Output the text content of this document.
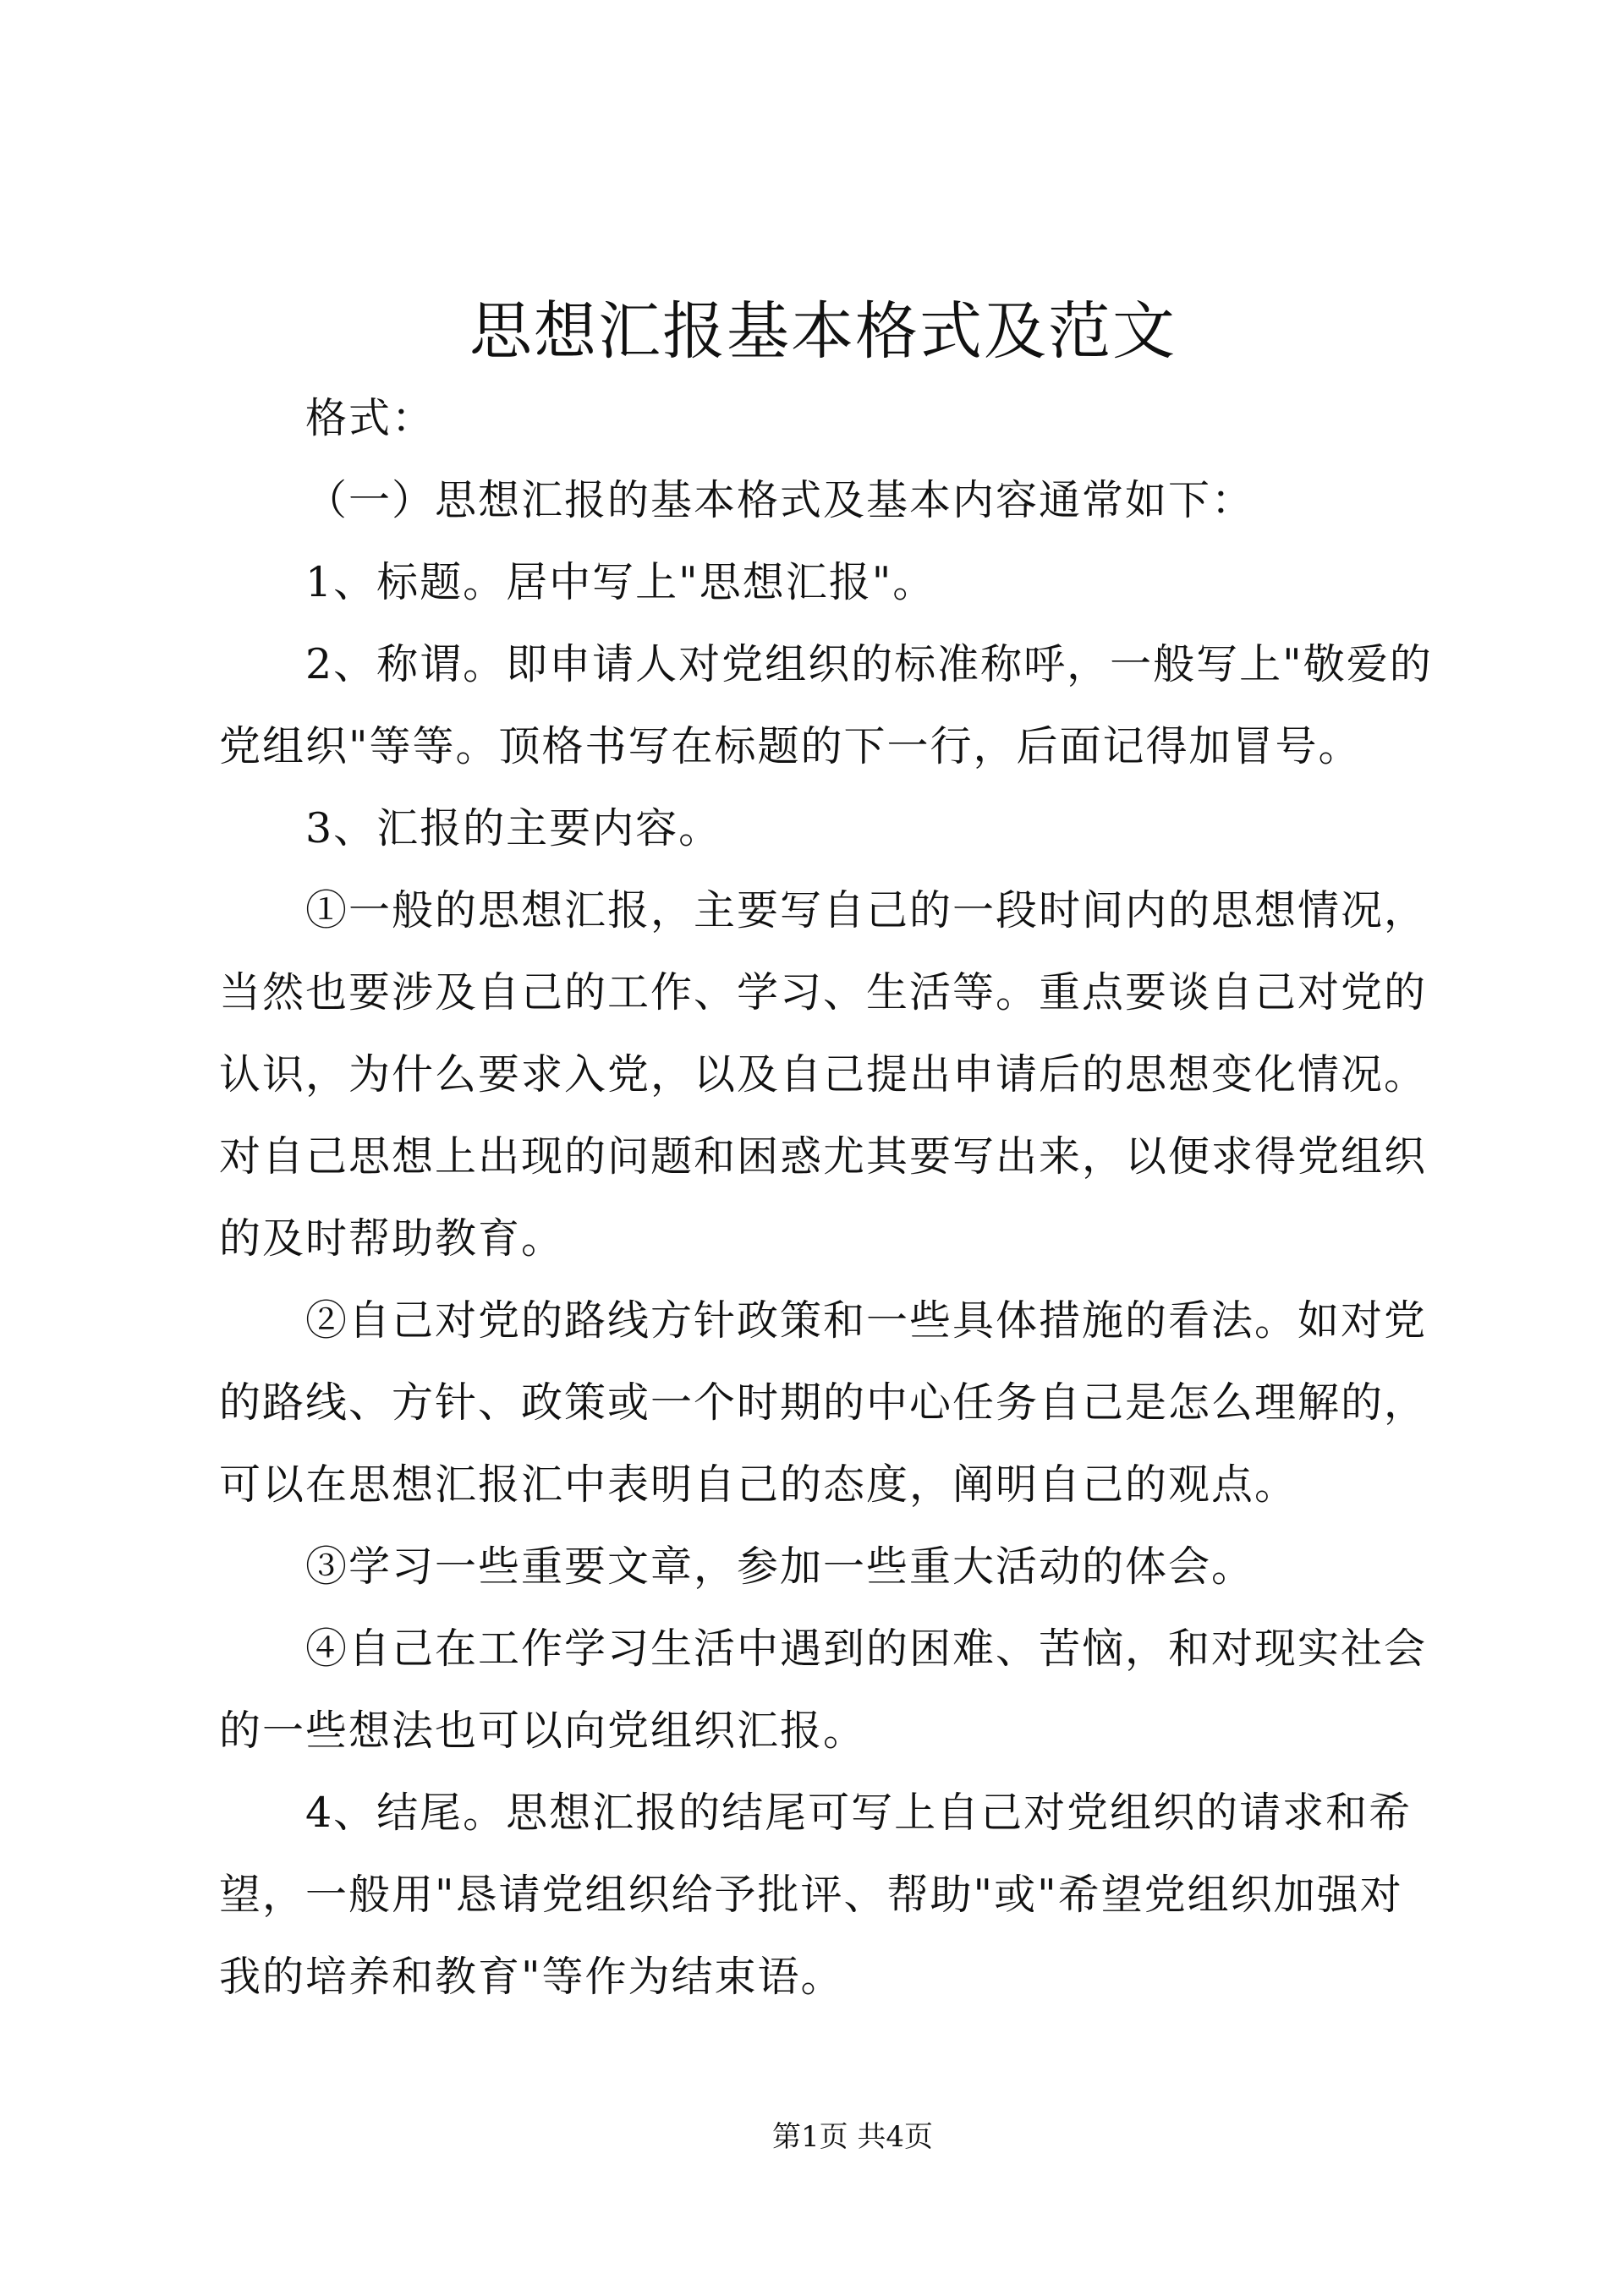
思想汇报基本格式及范文
格式：
（一）思想汇报的基本格式及基本内容通常如下：
1、标题。居中写上"思想汇报"。
2、称谓。即申请人对党组织的标准称呼，一般写上"敬爱的
党组织"等等。顶格书写在标题的下一行，后面记得加冒号。
3、汇报的主要内容。
①一般的思想汇报，主要写自己的一段时间内的思想情况，
当然也要涉及自己的工作、学习、生活等。重点要谈自己对党的
认识，为什么要求入党，以及自己提出申请后的思想变化情况。
对自己思想上出现的问题和困惑尤其要写出来，以便求得党组织
的及时帮助教育。
②自己对党的路线方针政策和一些具体措施的看法。如对党
的路线、方针、政策或一个时期的中心任务自己是怎么理解的，
可以在思想汇报汇中表明自己的态度，阐明自己的观点。
③学习一些重要文章，参加一些重大活动的体会。
④自己在工作学习生活中遇到的困难、苦恼，和对现实社会
的一些想法也可以向党组织汇报。
4、结尾。思想汇报的结尾可写上自己对党组织的请求和希
望，一般用"恳请党组织给予批评、帮助"或"希望党组织加强对
我的培养和教育"等作为结束语。
第1页 共4页
